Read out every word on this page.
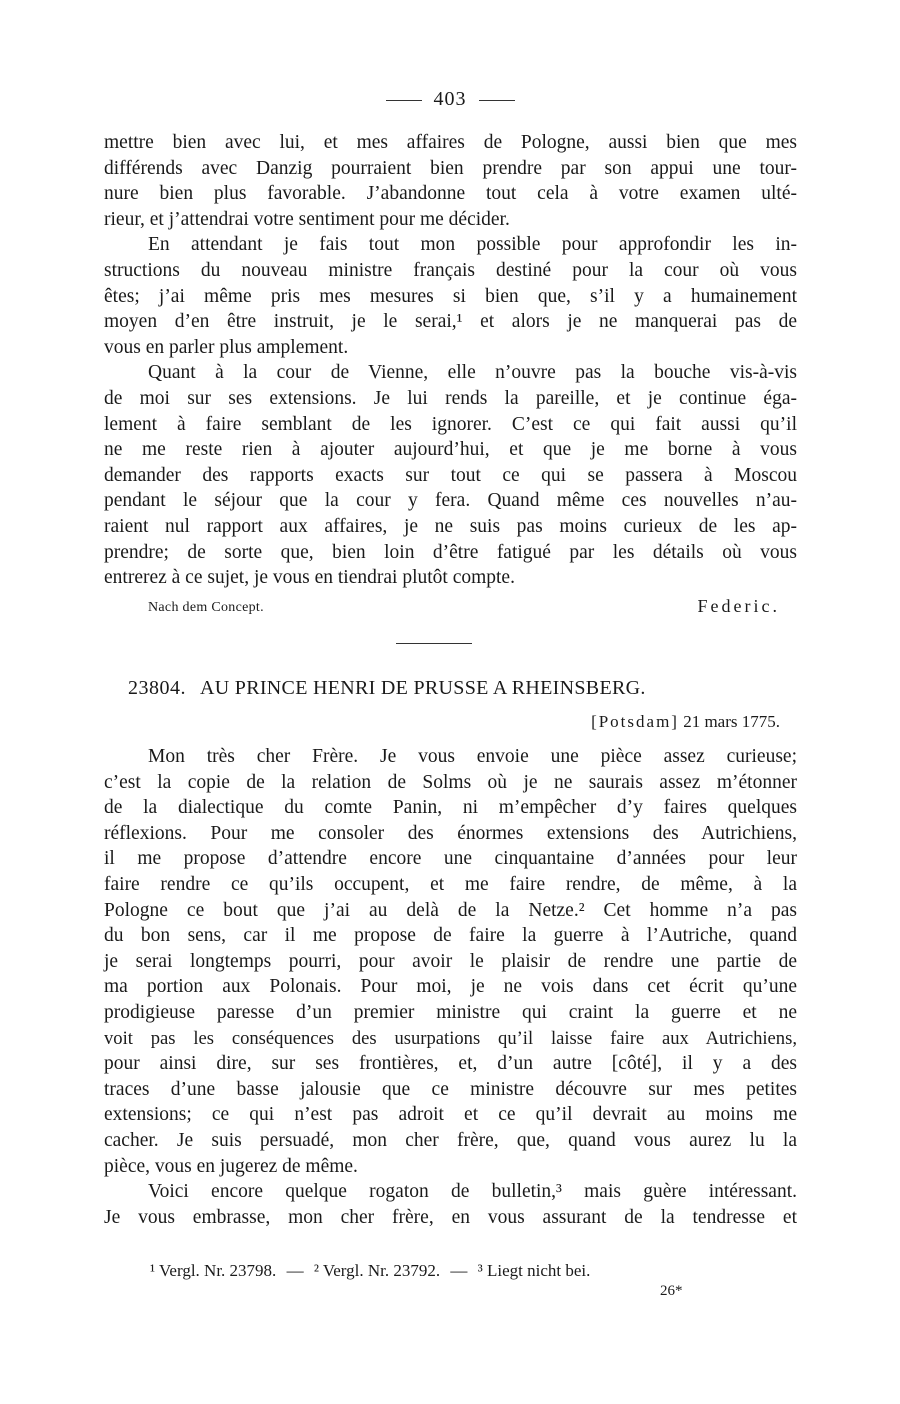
403
mettre bien avec lui, et mes affaires de Pologne, aussi bien que mes
différends avec Danzig pourraient bien prendre par son appui une tour-
nure bien plus favorable. J’abandonne tout cela à votre examen ulté-
rieur, et j’attendrai votre sentiment pour me décider.
En attendant je fais tout mon possible pour approfondir les in-
structions du nouveau ministre français destiné pour la cour où vous
êtes; j’ai même pris mes mesures si bien que, s’il y a humainement
moyen d’en être instruit, je le serai,¹ et alors je ne manquerai pas de
vous en parler plus amplement.
Quant à la cour de Vienne, elle n’ouvre pas la bouche vis-à-vis
de moi sur ses extensions. Je lui rends la pareille, et je continue éga-
lement à faire semblant de les ignorer. C’est ce qui fait aussi qu’il
ne me reste rien à ajouter aujourd’hui, et que je me borne à vous
demander des rapports exacts sur tout ce qui se passera à Moscou
pendant le séjour que la cour y fera. Quand même ces nouvelles n’au-
raient nul rapport aux affaires, je ne suis pas moins curieux de les ap-
prendre; de sorte que, bien loin d’être fatigué par les détails où vous
entrerez à ce sujet, je vous en tiendrai plutôt compte.
Nach dem Concept.	Federic.
23804. AU PRINCE HENRI DE PRUSSE A RHEINSBERG.
[Potsdam] 21 mars 1775.
Mon très cher Frère. Je vous envoie une pièce assez curieuse;
c’est la copie de la relation de Solms où je ne saurais assez m’étonner
de la dialectique du comte Panin, ni m’empêcher d’y faires quelques
réflexions. Pour me consoler des énormes extensions des Autrichiens,
il me propose d’attendre encore une cinquantaine d’années pour leur
faire rendre ce qu’ils occupent, et me faire rendre, de même, à la
Pologne ce bout que j’ai au delà de la Netze.² Cet homme n’a pas
du bon sens, car il me propose de faire la guerre à l’Autriche, quand
je serai longtemps pourri, pour avoir le plaisir de rendre une partie de
ma portion aux Polonais. Pour moi, je ne vois dans cet écrit qu’une
prodigieuse paresse d’un premier ministre qui craint la guerre et ne
voit pas les conséquences des usurpations qu’il laisse faire aux Autrichiens,
pour ainsi dire, sur ses frontières, et, d’un autre [côté], il y a des
traces d’une basse jalousie que ce ministre découvre sur mes petites
extensions; ce qui n’est pas adroit et ce qu’il devrait au moins me
cacher. Je suis persuadé, mon cher frère, que, quand vous aurez lu la
pièce, vous en jugerez de même.
Voici encore quelque rogaton de bulletin,³ mais guère intéressant.
Je vous embrasse, mon cher frère, en vous assurant de la tendresse et
¹ Vergl. Nr. 23798. — ² Vergl. Nr. 23792. — ³ Liegt nicht bei.
26*
